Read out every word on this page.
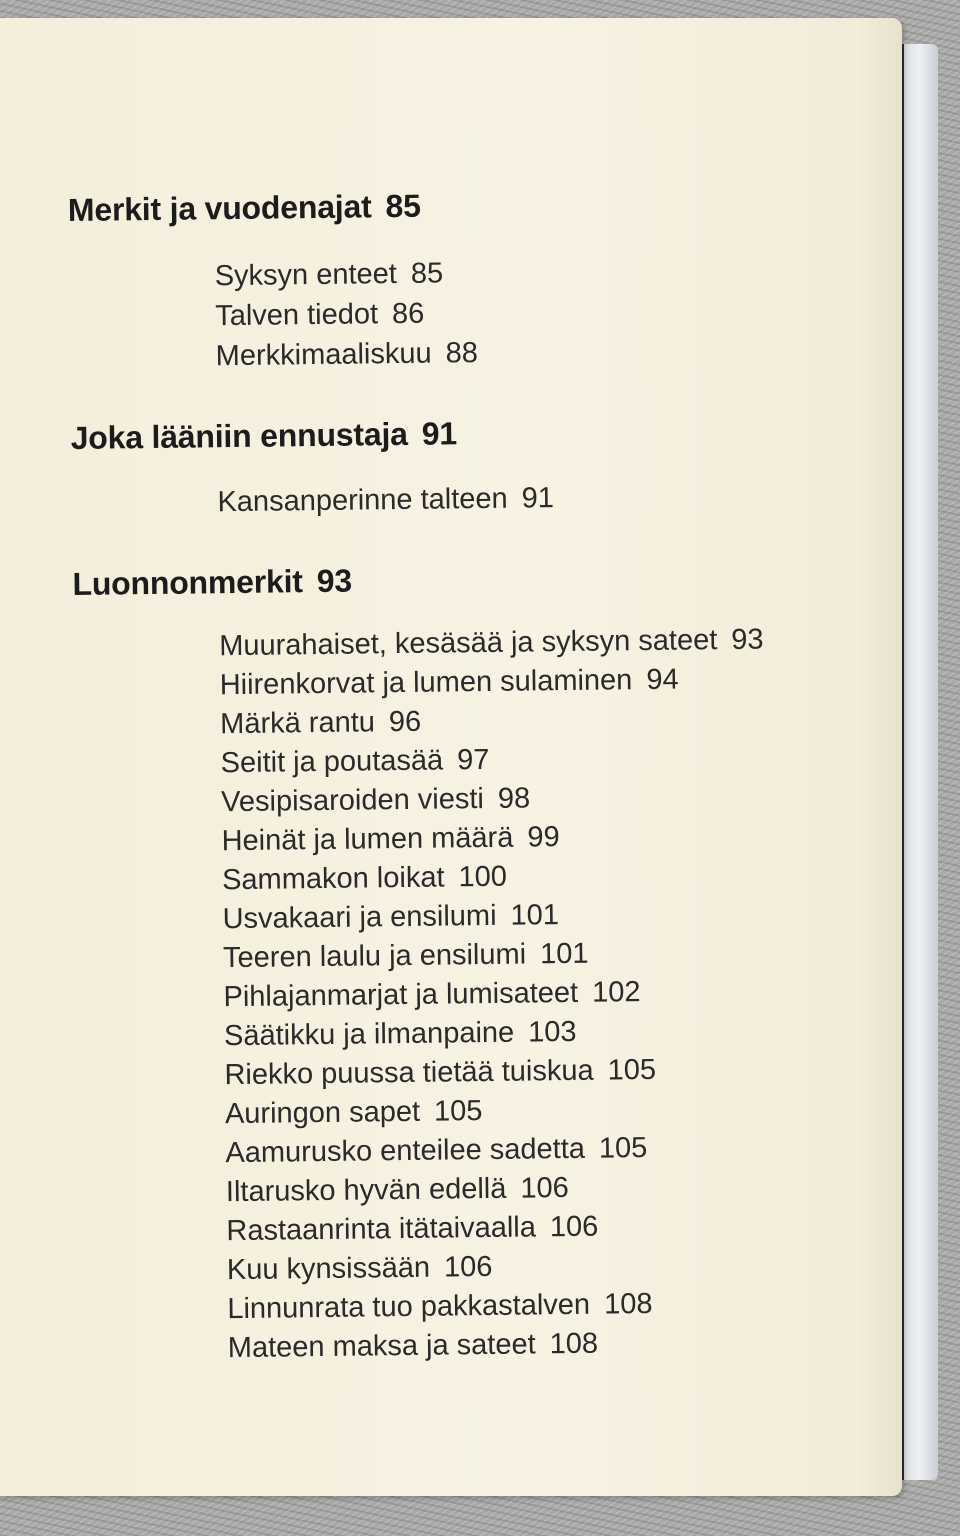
Merkit ja vuodenajat 85
Syksyn enteet 85
Talven tiedot 86
Merkkimaaliskuu 88
Joka lääniin ennustaja 91
Kansanperinne talteen 91
Luonnonmerkit 93
Muurahaiset, kesäsää ja syksyn sateet 93
Hiirenkorvat ja lumen sulaminen 94
Märkä rantu 96
Seitit ja poutasää 97
Vesipisaroiden viesti 98
Heinät ja lumen määrä 99
Sammakon loikat 100
Usvakaari ja ensilumi 101
Teeren laulu ja ensilumi 101
Pihlajanmarjat ja lumisateet 102
Säätikku ja ilmanpaine 103
Riekko puussa tietää tuiskua 105
Auringon sapet 105
Aamurusko enteilee sadetta 105
Iltarusko hyvän edellä 106
Rastaanrinta itätaivaalla 106
Kuu kynsissään 106
Linnunrata tuo pakkastalven 108
Mateen maksa ja sateet 108
